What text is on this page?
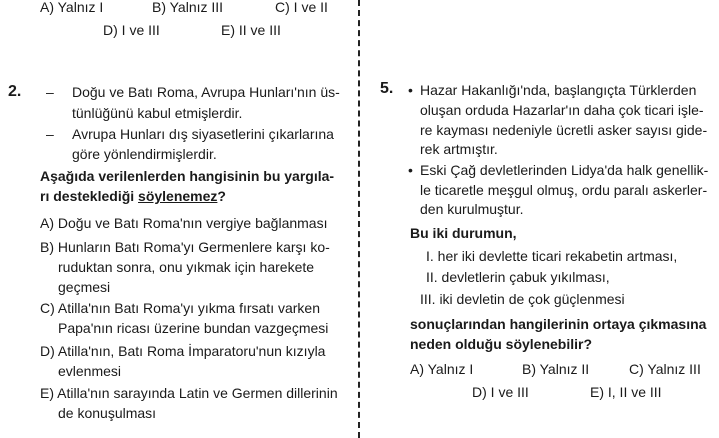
A) Yalnız I	B) Yalnız III	C) I ve II
D) I ve III	E) II ve III
2. – Doğu ve Batı Roma, Avrupa Hunları'nın üs-
tünlüğünü kabul etmişlerdir.
– Avrupa Hunları dış siyasetlerini çıkarlarına
göre yönlendirmişlerdir.
Aşağıda verilenlerden hangisinin bu yargıla-
rı desteklediği söylenemez?
A) Doğu ve Batı Roma'nın vergiye bağlanması
B) Hunların Batı Roma'yı Germenlere karşı ko-
ruduktan sonra, onu yıkmak için harekete
geçmesi
C) Atilla'nın Batı Roma'yı yıkma fırsatı varken
Papa'nın ricası üzerine bundan vazgeçmesi
D) Atilla'nın, Batı Roma İmparatoru'nun kızıyla
evlenmesi
E) Atilla'nın sarayında Latin ve Germen dillerinin
de konuşulması
5. • Hazar Hakanlığı'nda, başlangıçta Türklerden
oluşan orduda Hazarlar'ın daha çok ticari işle-
re kayması nedeniyle ücretli asker sayısı gide-
rek artmıştır.
• Eski Çağ devletlerinden Lidya'da halk genellik-
le ticaretle meşgul olmuş, ordu paralı askerler-
den kurulmuştur.
Bu iki durumun,
I. her iki devlette ticari rekabetin artması,
II. devletlerin çabuk yıkılması,
III. iki devletin de çok güçlenmesi
sonuçlarından hangilerinin ortaya çıkmasına
neden olduğu söylenebilir?
A) Yalnız I	B) Yalnız II	C) Yalnız III
D) I ve III	E) I, II ve III
